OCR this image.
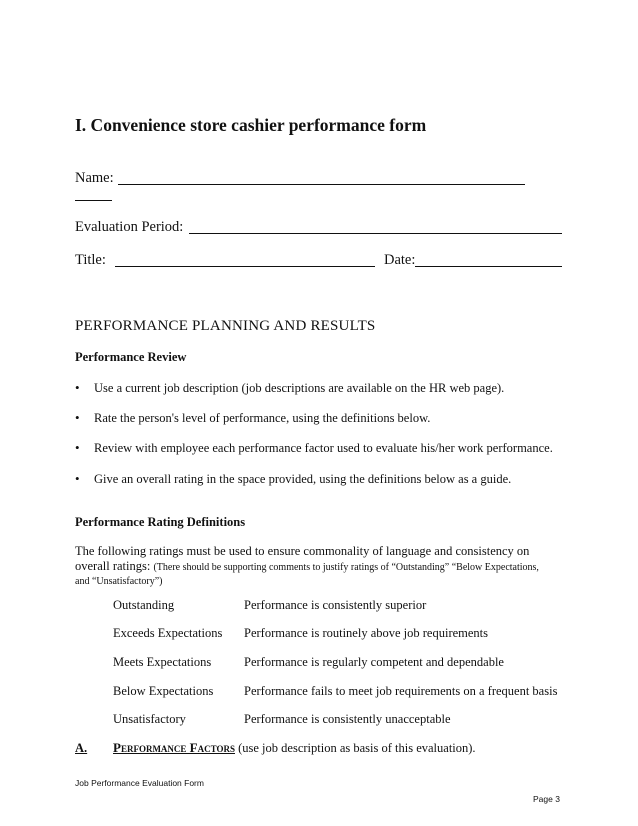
I. Convenience store cashier performance form
Name:
Evaluation Period:
Title:	Date:
PERFORMANCE PLANNING AND RESULTS
Performance Review
• Use a current job description (job descriptions are available on the HR web page).
• Rate the person's level of performance, using the definitions below.
• Review with employee each performance factor used to evaluate his/her work performance.
• Give an overall rating in the space provided, using the definitions below as a guide.
Performance Rating Definitions
The following ratings must be used to ensure commonality of language and consistency on
overall ratings: (There should be supporting comments to justify ratings of “Outstanding” “Below Expectations,
and “Unsatisfactory”)
Outstanding	Performance is consistently superior
Exceeds Expectations Performance is routinely above job requirements
Meets Expectations	Performance is regularly competent and dependable
Below Expectations Performance fails to meet job requirements on a frequent basis
Unsatisfactory	Performance is consistently unacceptable
A. Performance Factors (use job description as basis of this evaluation).
Job Performance Evaluation Form
Page 3
